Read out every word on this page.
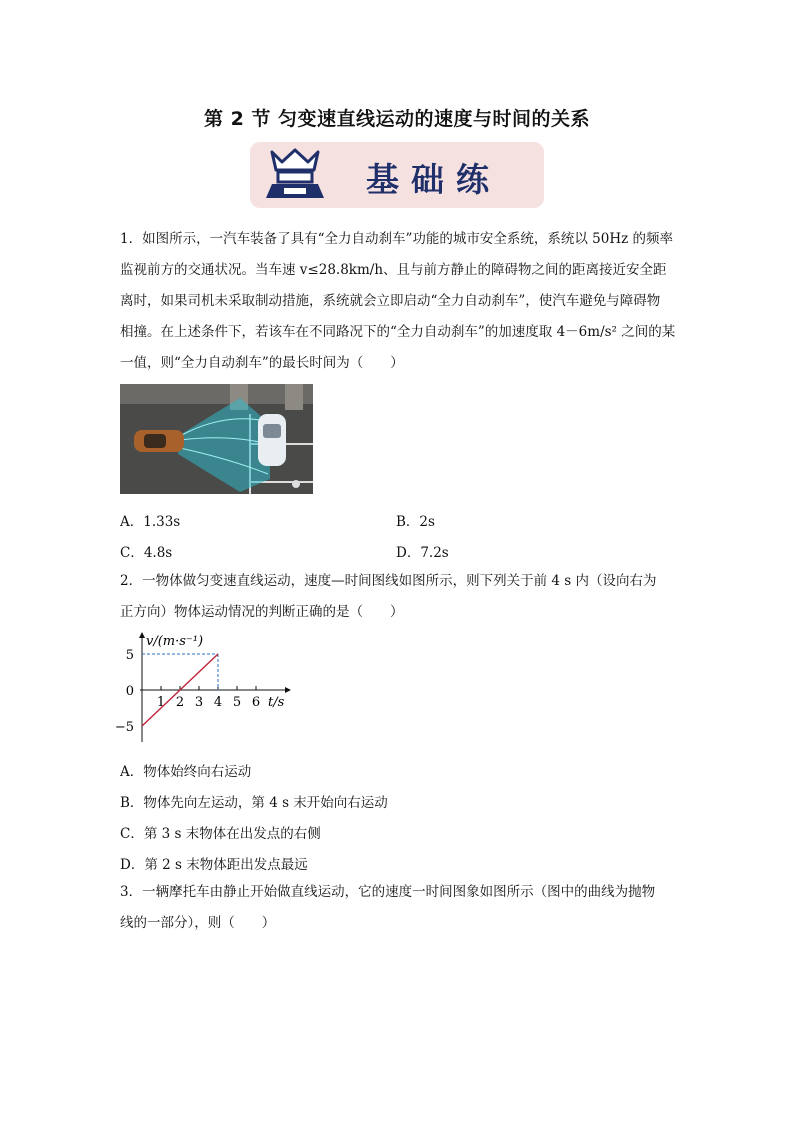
第 2 节 匀变速直线运动的速度与时间的关系
基础练
1．如图所示，一汽车装备了具有“全力自动刹车”功能的城市安全系统，系统以 50Hz 的频率
监视前方的交通状况。当车速 v≤28.8km/h、且与前方静止的障碍物之间的距离接近安全距
离时，如果司机未采取制动措施，系统就会立即启动“全力自动刹车”，使汽车避免与障碍物
相撞。在上述条件下，若该车在不同路况下的“全力自动刹车”的加速度取 4－6m/s² 之间的某
一值，则“全力自动刹车”的最长时间为（　　）
A．1.33s	B．2s
C．4.8s	D．7.2s
2．一物体做匀变速直线运动，速度—时间图线如图所示，则下列关于前 4 s 内（设向右为
正方向）物体运动情况的判断正确的是（　　）
v/(m·s⁻¹)
t/s
1 2 3 4 5 6
5
0
−5
A．物体始终向右运动
B．物体先向左运动，第 4 s 末开始向右运动
C．第 3 s 末物体在出发点的右侧
D．第 2 s 末物体距出发点最远
3．一辆摩托车由静止开始做直线运动，它的速度一时间图象如图所示（图中的曲线为抛物
线的一部分），则（　　）
